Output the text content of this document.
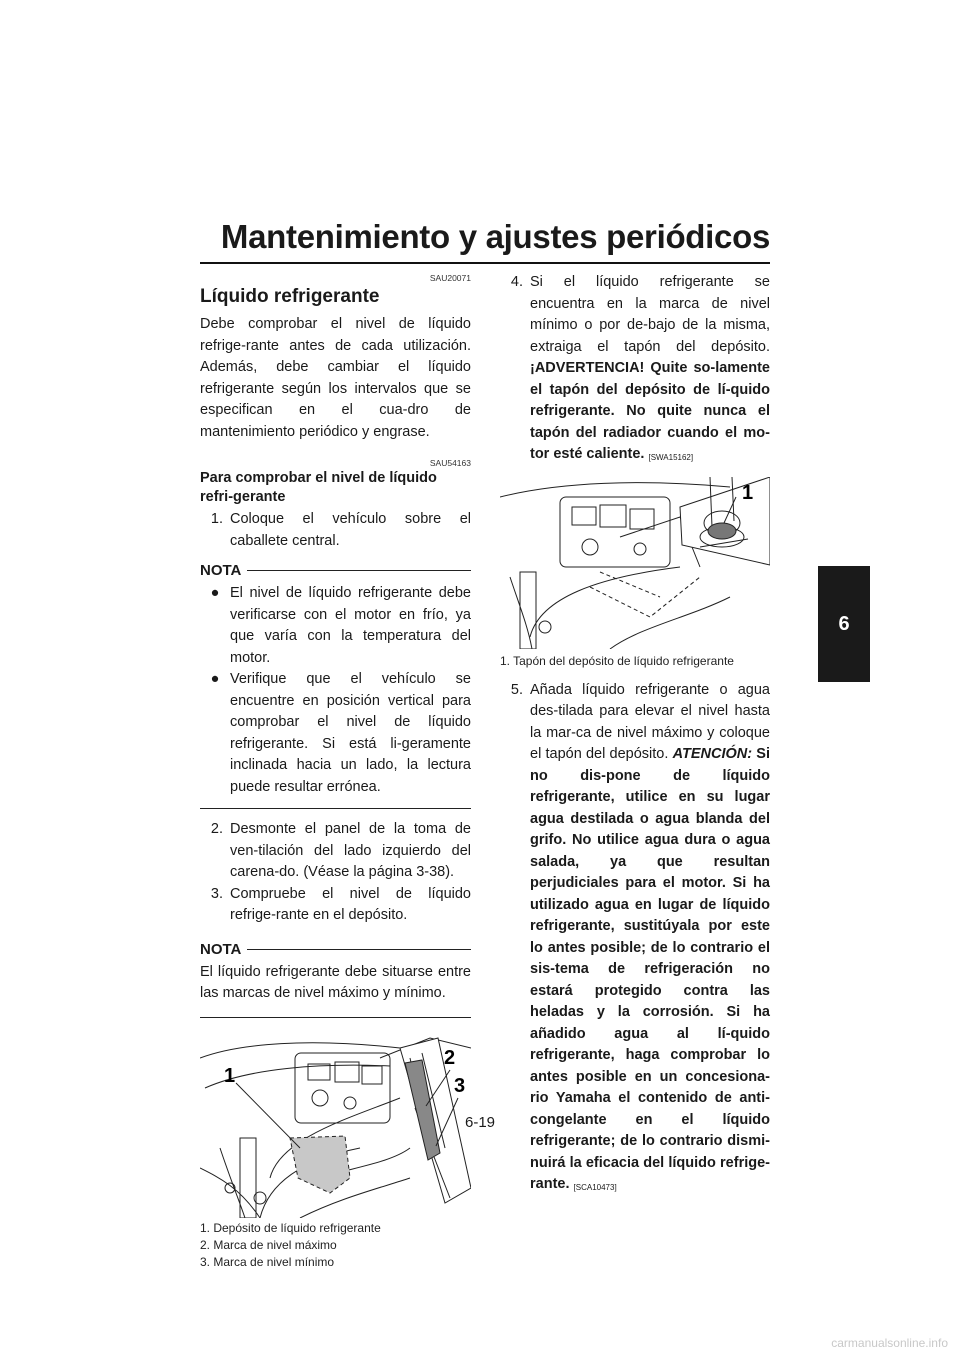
Mantenimiento y ajustes periódicos
6
SAU20071
Líquido refrigerante

Debe comprobar el nivel de líquido refrige-rante antes de cada utilización. Además, debe cambiar el líquido refrigerante según los intervalos que se especifican en el cua-dro de mantenimiento periódico y engrase.

SAU54163
Para comprobar el nivel de líquido refri-gerante
1. Coloque el vehículo sobre el caballete central.
NOTA
● El nivel de líquido refrigerante debe verificarse con el motor en frío, ya que varía con la temperatura del motor.
● Verifique que el vehículo se encuentre en posición vertical para comprobar el nivel de líquido refrigerante. Si está li-geramente inclinada hacia un lado, la lectura puede resultar errónea.
2. Desmonte el panel de la toma de ven-tilación del lado izquierdo del carena-do. (Véase la página 3-38).
3. Compruebe el nivel de líquido refrige-rante en el depósito.
NOTA

El líquido refrigerante debe situarse entre las marcas de nivel máximo y mínimo.

1
2
3
1. Depósito de líquido refrigerante
2. Marca de nivel máximo
3. Marca de nivel mínimo
4. Si el líquido refrigerante se encuentra en la marca de nivel mínimo o por de-bajo de la misma, extraiga el tapón del depósito. ¡ADVERTENCIA! Quite so-lamente el tapón del depósito de lí-quido refrigerante. No quite nunca el tapón del radiador cuando el mo-tor esté caliente. [SWA15162]
1
1. Tapón del depósito de líquido refrigerante
5. Añada líquido refrigerante o agua des-tilada para elevar el nivel hasta la mar-ca de nivel máximo y coloque el tapón del depósito. ATENCIÓN: Si no dis-pone de líquido refrigerante, utilice en su lugar agua destilada o agua blanda del grifo. No utilice agua dura o agua salada, ya que resultan perjudiciales para el motor. Si ha utilizado agua en lugar de líquido refrigerante, sustitúyala por este lo antes posible; de lo contrario el sis-tema de refrigeración no estará protegido contra las heladas y la corrosión. Si ha añadido agua al lí-quido refrigerante, haga comprobar lo antes posible en un concesiona-rio Yamaha el contenido de anti-congelante en el líquido refrigerante; de lo contrario dismi-nuirá la eficacia del líquido refrige-rante. [SCA10473]
6-19
carmanualsonline.info
